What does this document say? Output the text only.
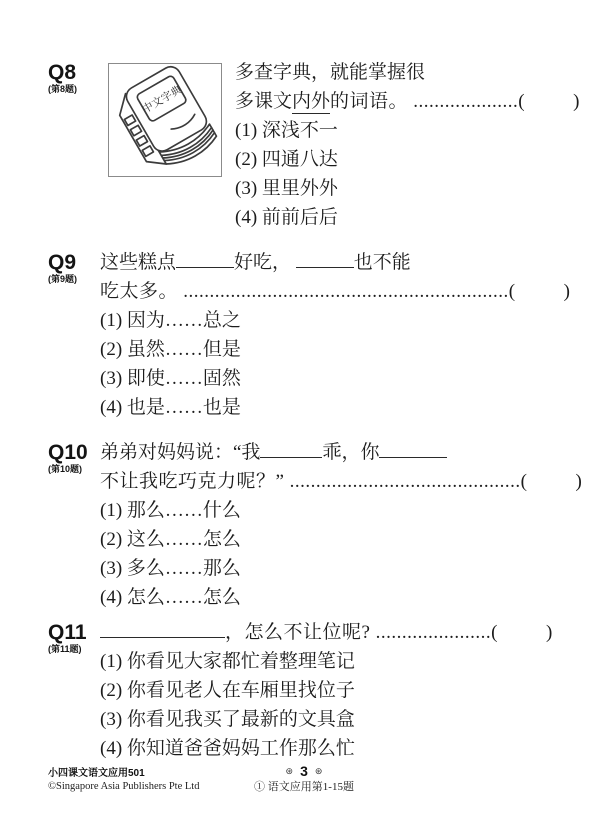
Q8
(第8题)	中文字典
多查字典，就能掌握很
多课文内外的词语。 ....................(	)
(1) 深浅不一
(2) 四通八达
(3) 里里外外
(4) 前前后后
Q9
(第9题)
这些糕点	好吃，	也不能
吃太多。 ..............................................................(	)
(1) 因为……总之
(2) 虽然……但是
(3) 即使……固然
(4) 也是……也是
Q10
(第10题)
弟弟对妈妈说：“我	乖，你
不让我吃巧克力呢？” ............................................(	)
(1) 那么……什么
(2) 这么……怎么
(3) 多么……那么
(4) 怎么……怎么
Q11
(第11题)
，怎么不让位呢? ......................(	)
(1) 你看见大家都忙着整理笔记
(2) 你看见老人在车厢里找位子
(3) 你看见我买了最新的文具盒
(4) 你知道爸爸妈妈工作那么忙
小四课文语文应用501
©Singapore Asia Publishers Pte Ltd
⊛ 3 ⊛
① 语文应用第1-15题
